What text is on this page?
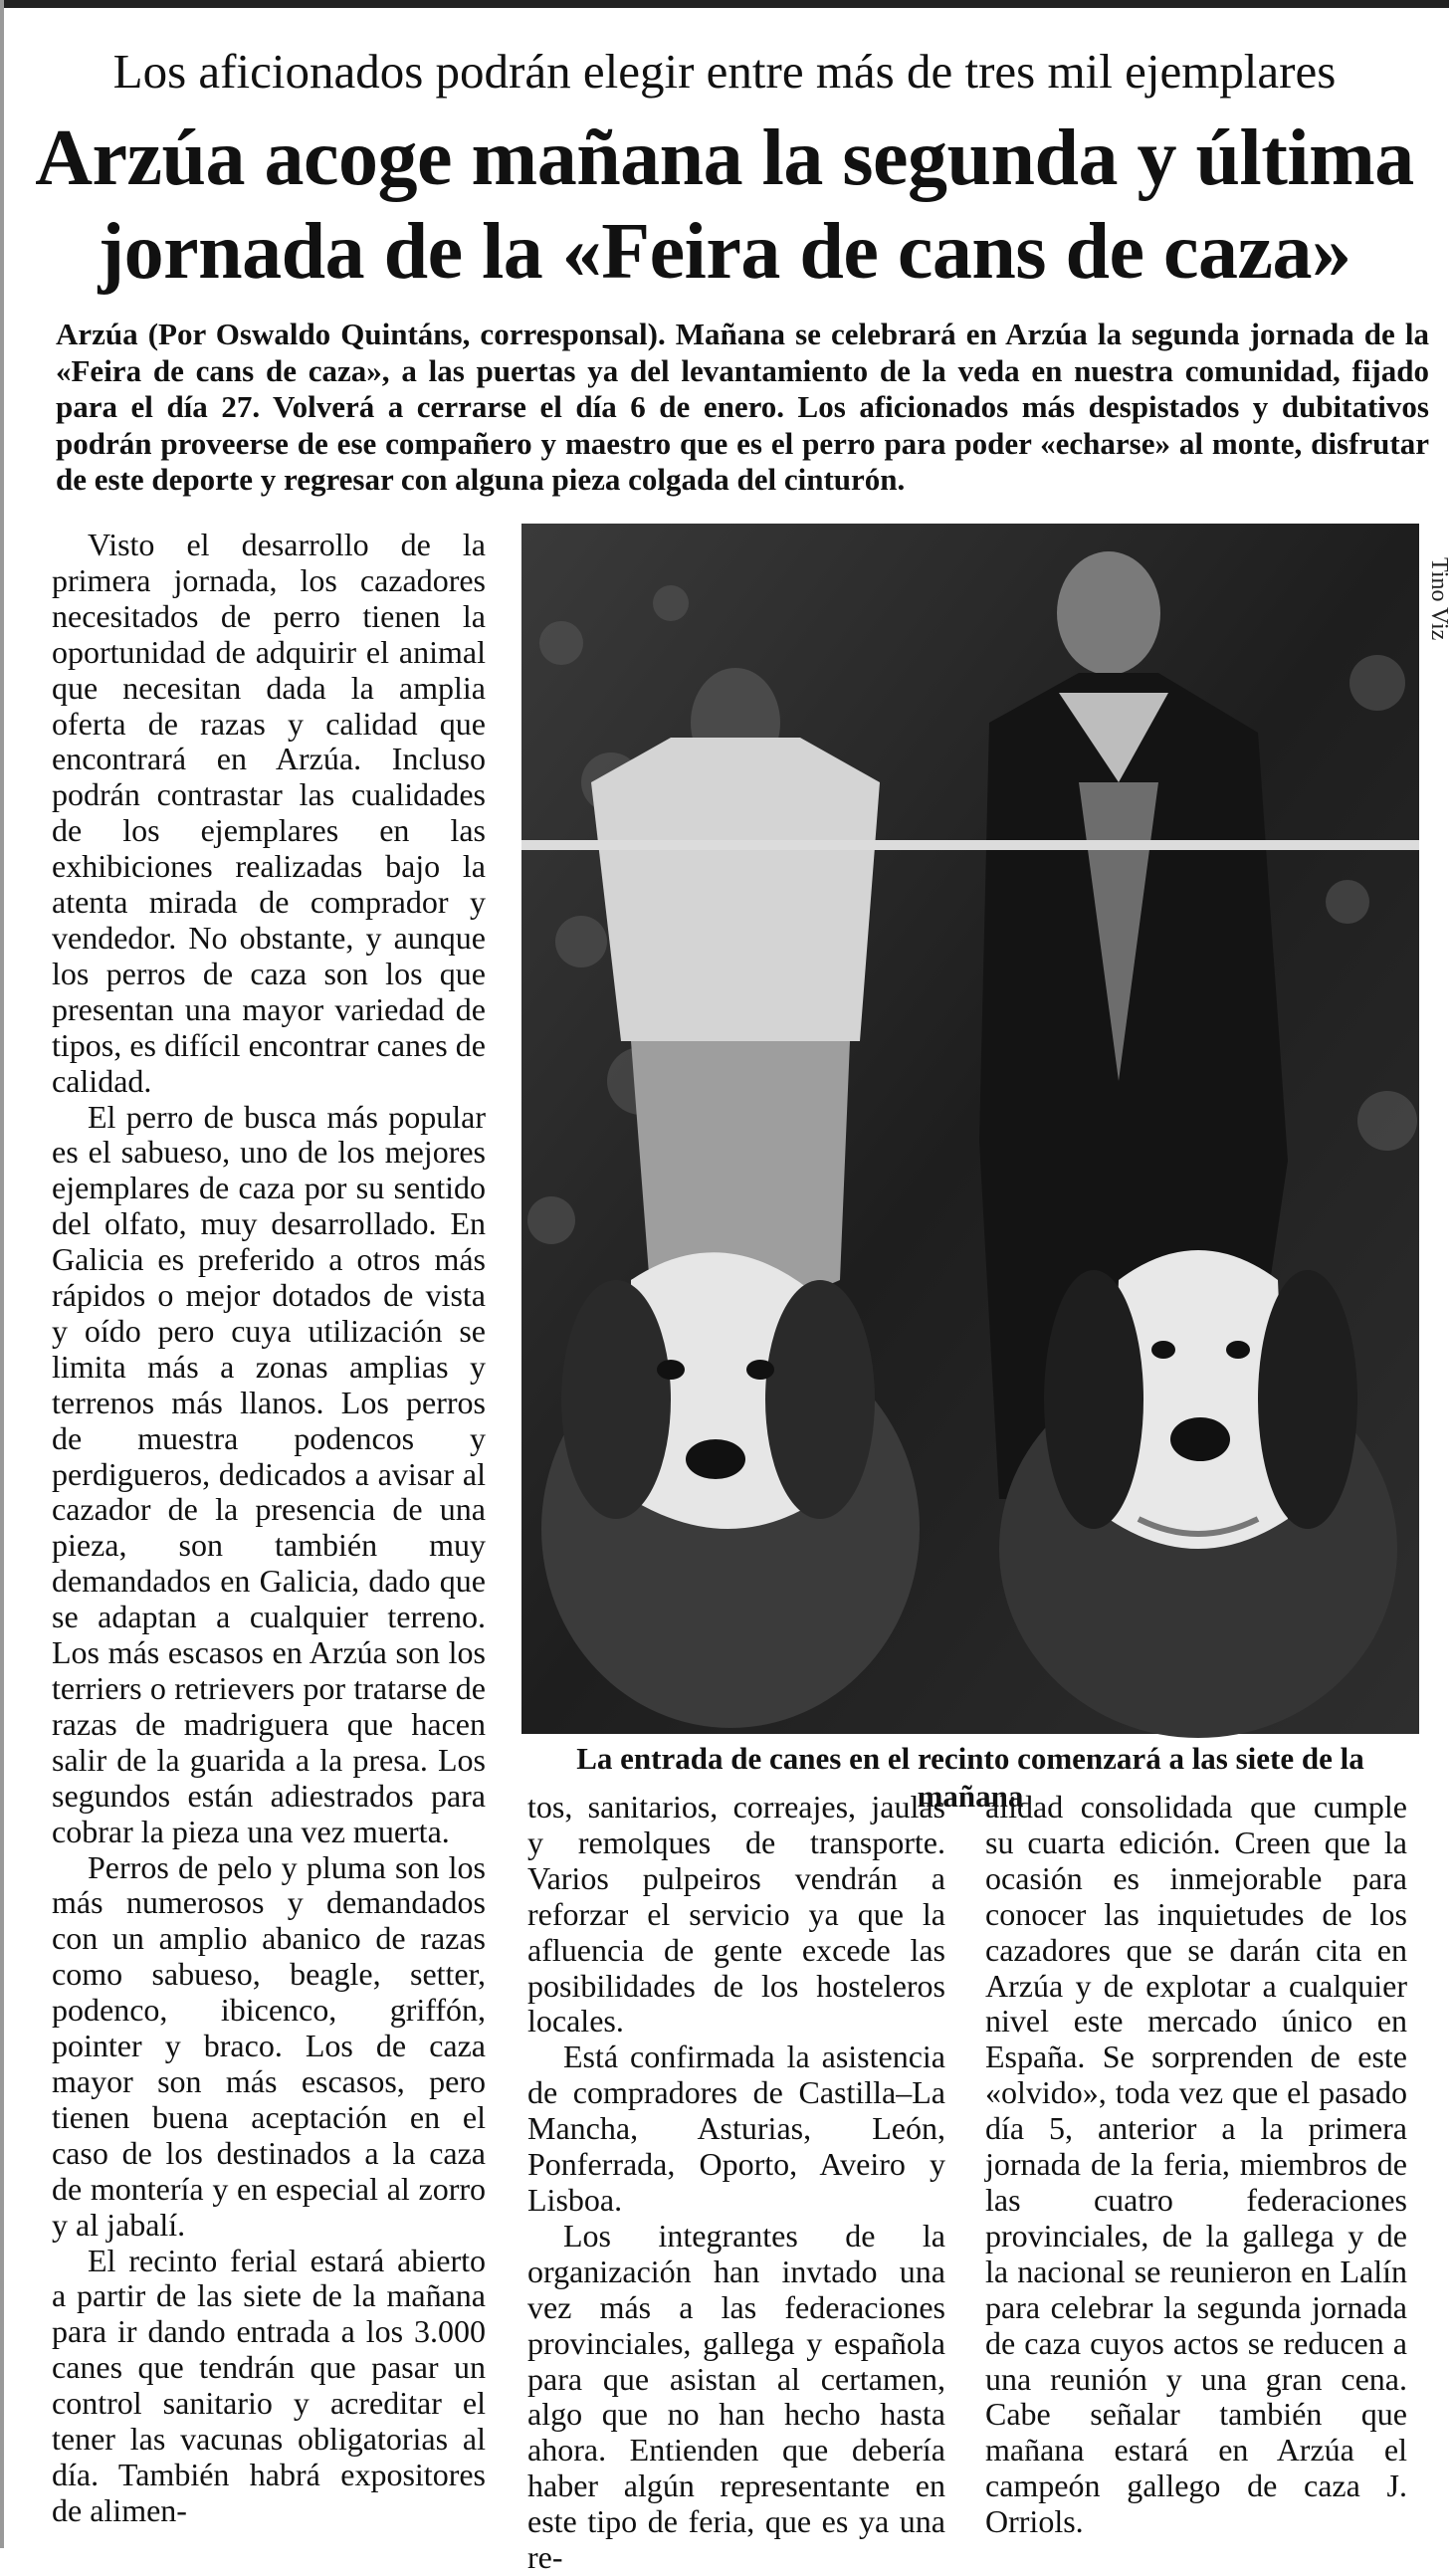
Los aficionados podrán elegir entre más de tres mil ejemplares
Arzúa acoge mañana la segunda y última jornada de la «Feira de cans de caza»
Arzúa (Por Oswaldo Quintáns, corresponsal). Mañana se celebrará en Arzúa la segunda jornada de la «Feira de cans de caza», a las puertas ya del levantamiento de la veda en nuestra comunidad, fijado para el día 27. Volverá a cerrarse el día 6 de enero. Los aficionados más despistados y dubitativos podrán proveerse de ese compañero y maestro que es el perro para poder «echarse» al monte, disfrutar de este deporte y regresar con alguna pieza colgada del cinturón.

Visto el desarrollo de la primera jornada, los cazadores necesitados de perro tienen la oportunidad de adquirir el animal que necesitan dada la amplia oferta de razas y calidad que encontrará en Arzúa. Incluso podrán contrastar las cualidades de los ejemplares en las exhibiciones realizadas bajo la atenta mirada de comprador y vendedor. No obstante, y aunque los perros de caza son los que presentan una mayor variedad de tipos, es difícil encontrar canes de calidad.

El perro de busca más popular es el sabueso, uno de los mejores ejemplares de caza por su sentido del olfato, muy desarrollado. En Galicia es preferido a otros más rápidos o mejor dotados de vista y oído pero cuya utilización se limita más a zonas amplias y terrenos más llanos. Los perros de muestra podencos y perdigueros, dedicados a avisar al cazador de la presencia de una pieza, son también muy demandados en Galicia, dado que se adaptan a cualquier terreno. Los más escasos en Arzúa son los terriers o retrievers por tratarse de razas de madriguera que hacen salir de la guarida a la presa. Los segundos están adiestrados para cobrar la pieza una vez muerta.

Perros de pelo y pluma son los más numerosos y demandados con un amplio abanico de razas como sabueso, beagle, setter, podenco, ibicenco, griffón, pointer y braco. Los de caza mayor son más escasos, pero tienen buena aceptación en el caso de los destinados a la caza de montería y en especial al zorro y al jabalí.

El recinto ferial estará abierto a partir de las siete de la mañana para ir dando entrada a los 3.000 canes que tendrán que pasar un control sanitario y acreditar el tener las vacunas obligatorias al día. También habrá expositores de alimen-

Tino Viz
La entrada de canes en el recinto comenzará a las siete de la mañana

tos, sanitarios, correajes, jaulas y remolques de transporte. Varios pulpeiros vendrán a reforzar el servicio ya que la afluencia de gente excede las posibilidades de los hosteleros locales.

Está confirmada la asistencia de compradores de Castilla–La Mancha, Asturias, León, Ponferrada, Oporto, Aveiro y Lisboa.

Los integrantes de la organización han invtado una vez más a las federaciones provinciales, gallega y española para que asistan al certamen, algo que no han hecho hasta ahora. Entienden que debería haber algún representante en este tipo de feria, que es ya una re-

alidad consolidada que cumple su cuarta edición. Creen que la ocasión es inmejorable para conocer las inquietudes de los cazadores que se darán cita en Arzúa y de explotar a cualquier nivel este mercado único en España. Se sorprenden de este «olvido», toda vez que el pasado día 5, anterior a la primera jornada de la feria, miembros de las cuatro federaciones provinciales, de la gallega y de la nacional se reunieron en Lalín para celebrar la segunda jornada de caza cuyos actos se reducen a una reunión y una gran cena. Cabe señalar también que mañana estará en Arzúa el campeón gallego de caza J. Orriols.
